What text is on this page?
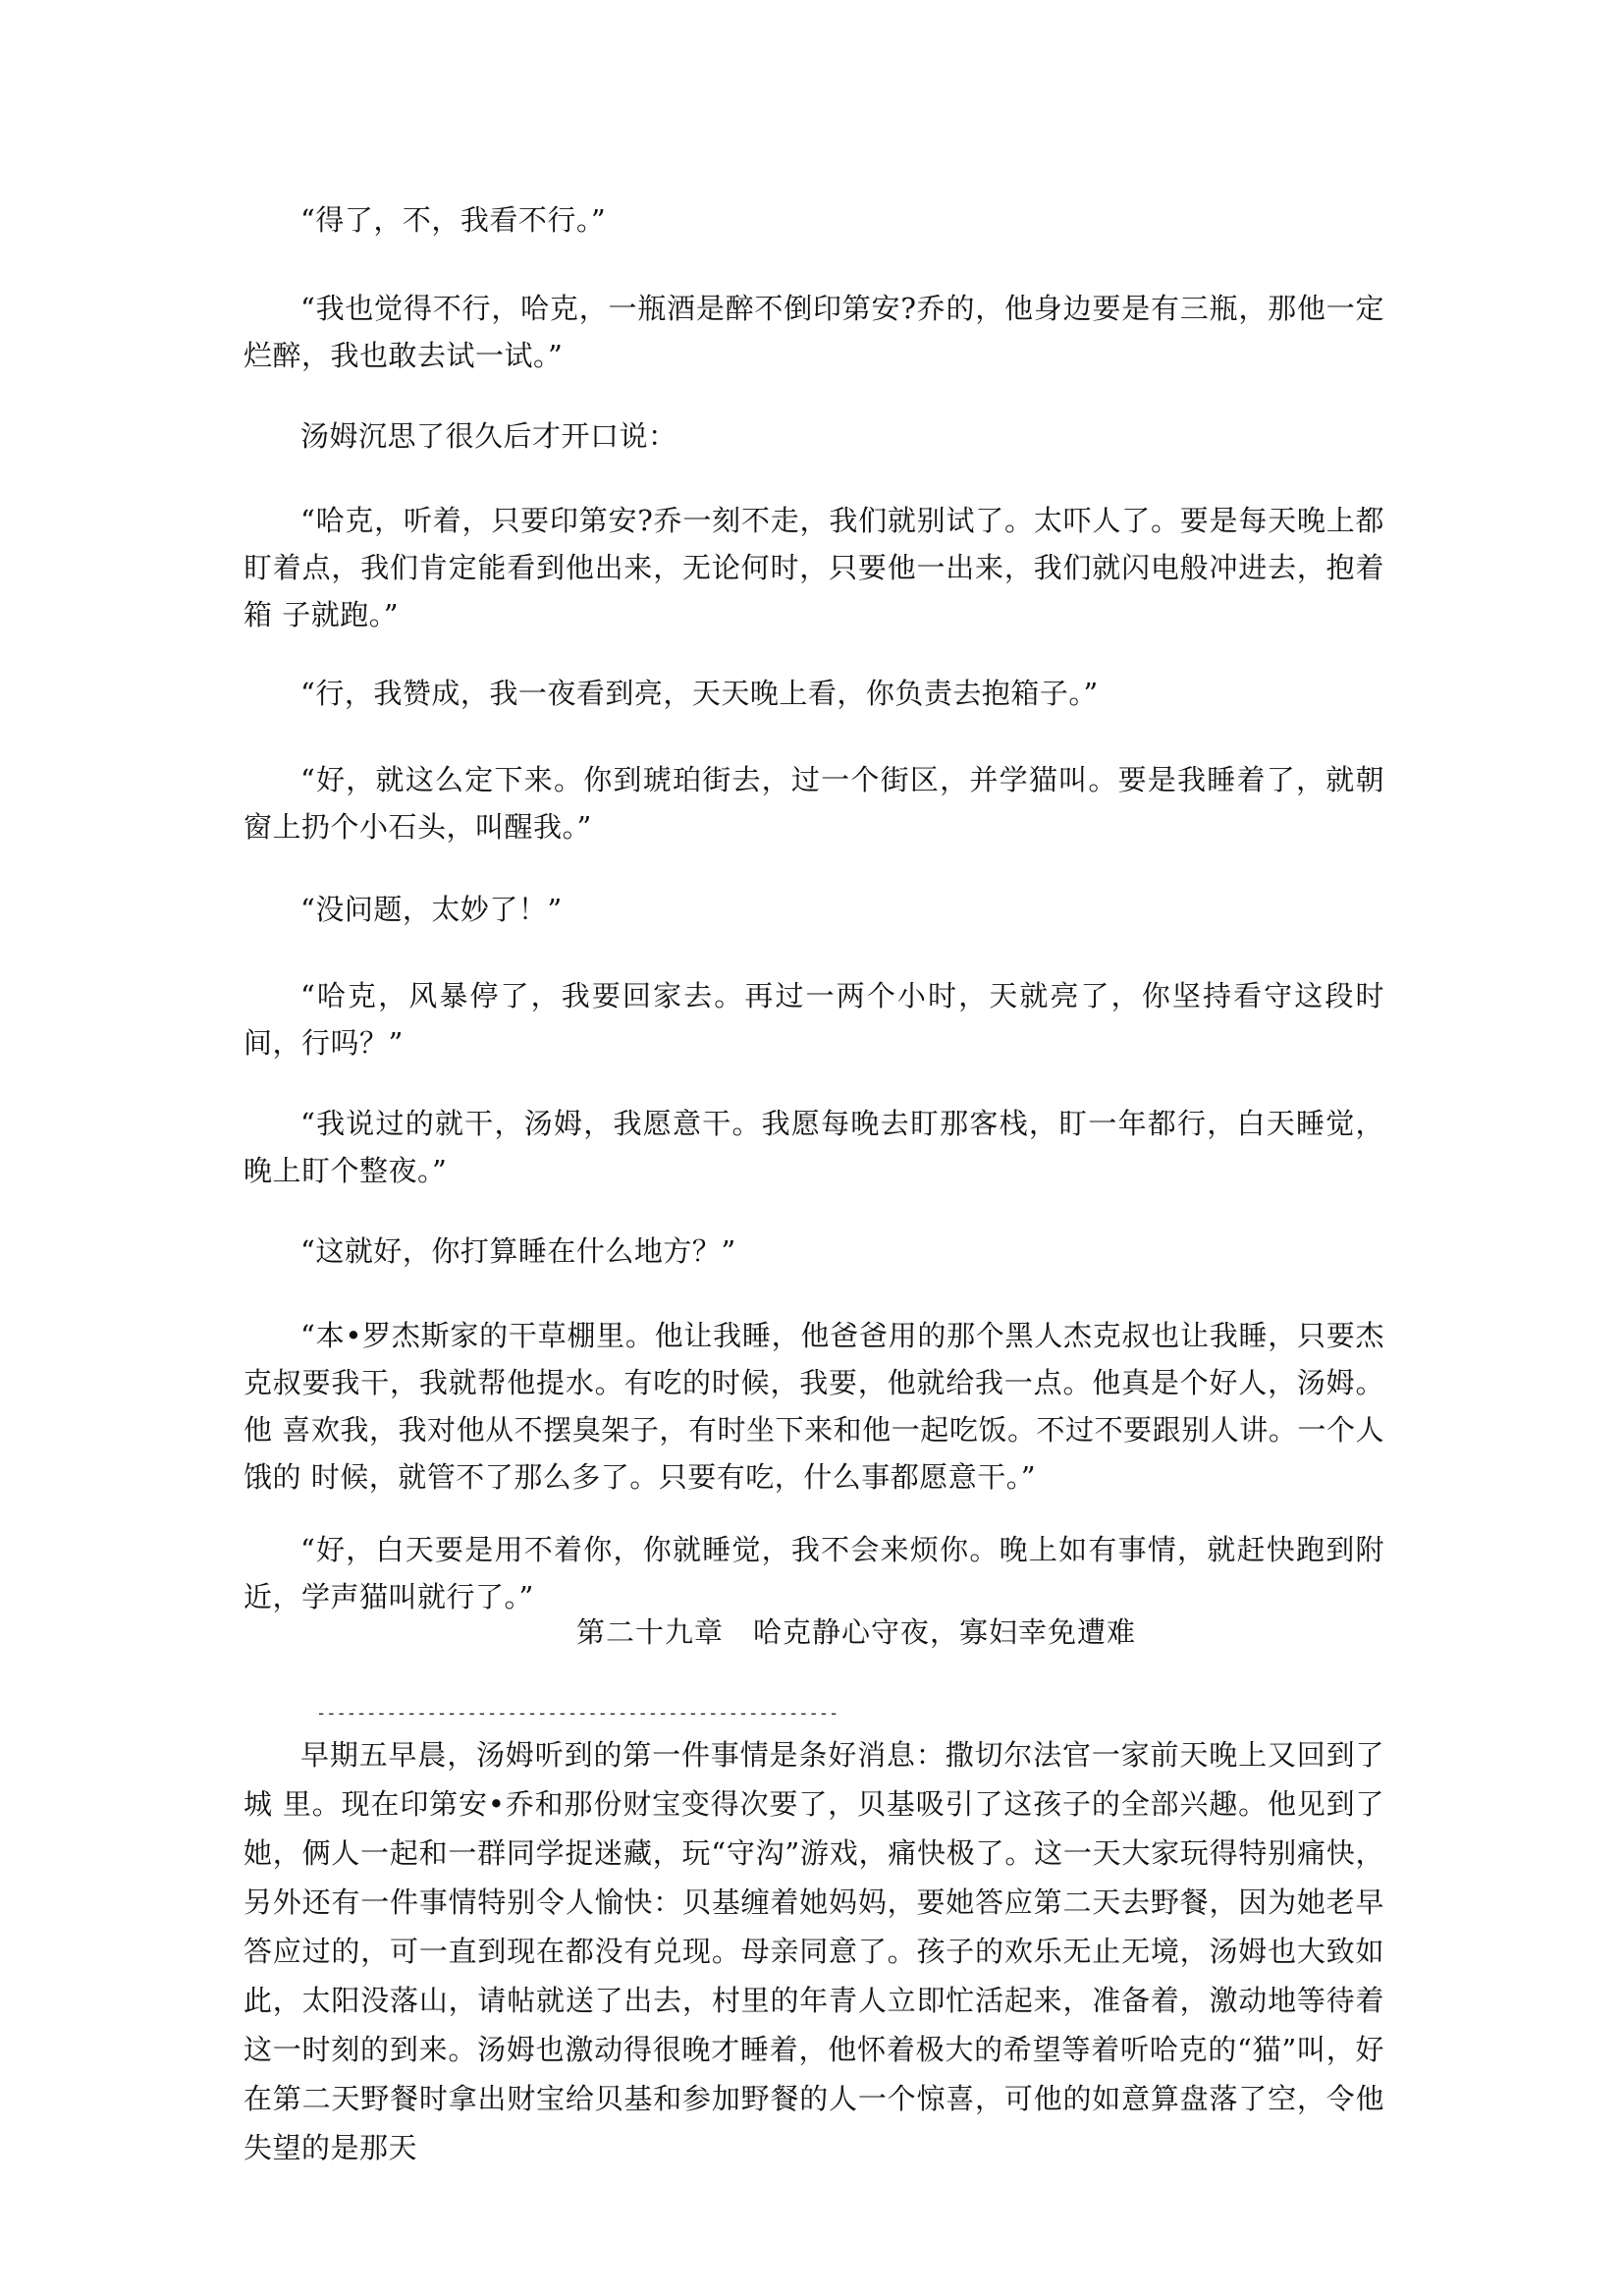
“得了，不，我看不行。”

“我也觉得不行，哈克，一瓶酒是醉不倒印第安?乔的，他身边要是有三瓶，那他一定 烂醉，我也敢去试一试。”

汤姆沉思了很久后才开口说：

“哈克，听着，只要印第安?乔一刻不走，我们就别试了。太吓人了。要是每天晚上都 盯着点，我们肯定能看到他出来，无论何时，只要他一出来，我们就闪电般冲进去，抱着箱 子就跑。”

“行，我赞成，我一夜看到亮，天天晚上看，你负责去抱箱子。”

“好，就这么定下来。你到琥珀街去，过一个街区，并学猫叫。要是我睡着了，就朝窗上扔个小石头，叫醒我。”

“没问题，太妙了！”

“哈克，风暴停了，我要回家去。再过一两个小时，天就亮了，你坚持看守这段时间，行吗？”

“我说过的就干，汤姆，我愿意干。我愿每晚去盯那客栈，盯一年都行，白天睡觉，晚上盯个整夜。”

“这就好，你打算睡在什么地方？”

“本•罗杰斯家的干草棚里。他让我睡，他爸爸用的那个黑人杰克叔也让我睡，只要杰 克叔要我干，我就帮他提水。有吃的时候，我要，他就给我一点。他真是个好人，汤姆。他 喜欢我，我对他从不摆臭架子，有时坐下来和他一起吃饭。不过不要跟别人讲。一个人饿的 时候，就管不了那么多了。只要有吃，什么事都愿意干。”

“好，白天要是用不着你，你就睡觉，我不会来烦你。晚上如有事情，就赶快跑到附 近，学声猫叫就行了。”

第二十九章　哈克静心守夜，寡妇幸免遭难

----------------------------------------------------

早期五早晨，汤姆听到的第一件事情是条好消息：撒切尔法官一家前天晚上又回到了城 里。现在印第安•乔和那份财宝变得次要了，贝基吸引了这孩子的全部兴趣。他见到了她，俩人一起和一群同学捉迷藏，玩“守沟”游戏，痛快极了。这一天大家玩得特别痛快，另外还有一件事情特别令人愉快：贝基缠着她妈妈，要她答应第二天去野餐，因为她老早答应过的，可一直到现在都没有兑现。母亲同意了。孩子的欢乐无止无境，汤姆也大致如此，太阳没落山，请帖就送了出去，村里的年青人立即忙活起来，准备着，激动地等待着这一时刻的到来。汤姆也激动得很晚才睡着，他怀着极大的希望等着听哈克的“猫”叫，好在第二天野餐时拿出财宝给贝基和参加野餐的人一个惊喜，可他的如意算盘落了空，令他失望的是那天
